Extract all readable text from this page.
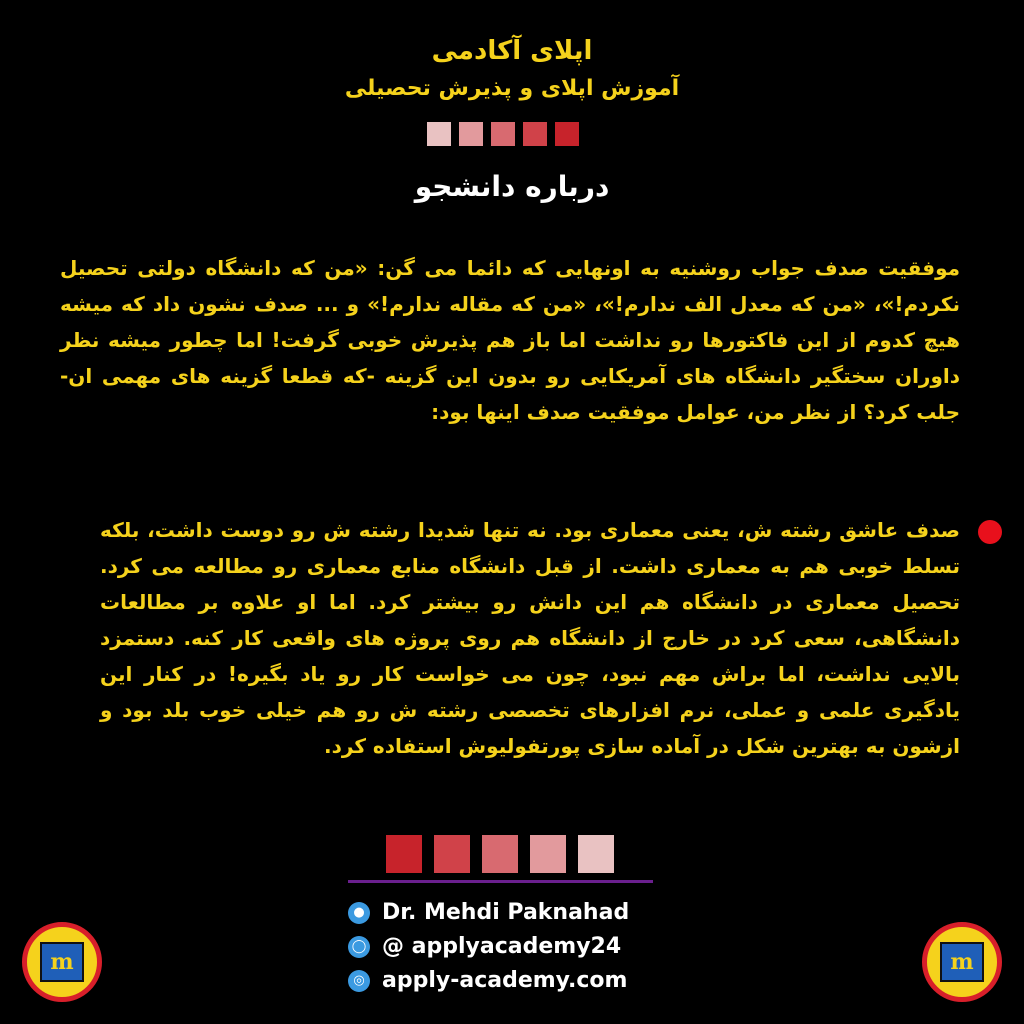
اپلای آکادمی
آموزش اپلای و پذیرش تحصیلی
درباره دانشجو
موفقیت صدف جواب روشنیه به اونهایی که دائما می گن: «من که دانشگاه دولتی تحصیل نکردم!»، «من که معدل الف ندارم!»، «من که مقاله ندارم!» و ... صدف نشون داد که میشه هیچ کدوم از این فاکتورها رو نداشت اما باز هم پذیرش خوبی گرفت! اما چطور میشه نظر داوران سختگیر دانشگاه های آمریکایی رو بدون این گزینه -که قطعا گزینه های مهمی ان- جلب کرد؟ از نظر من، عوامل موفقیت صدف اینها بود:
صدف عاشق رشته ش، یعنی معماری بود. نه تنها شدیدا رشته ش رو دوست داشت، بلکه تسلط خوبی هم به معماری داشت. از قبل دانشگاه منابع معماری رو مطالعه می کرد. تحصیل معماری در دانشگاه هم این دانش رو بیشتر کرد. اما او علاوه بر مطالعات دانشگاهی، سعی کرد در خارج از دانشگاه هم روی پروژه های واقعی کار کنه. دستمزد بالایی نداشت، اما براش مهم نبود، چون می خواست کار رو یاد بگیره! در کنار این یادگیری علمی و عملی، نرم افزارهای تخصصی رشته ش رو هم خیلی خوب بلد بود و ازشون به بهترین شکل در آماده سازی پورتفولیوش استفاده کرد.
● Dr. Mehdi Paknahad
◯ @ applyacademy24
◎ apply-academy.com
m	m
